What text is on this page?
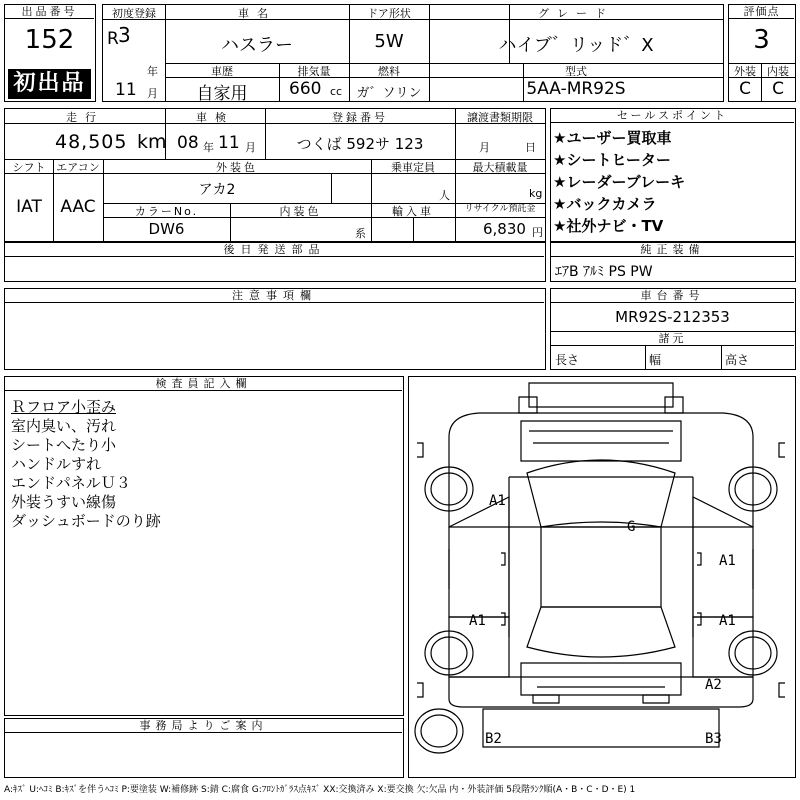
出品番号
152
初出品
初度登録
R 3
年
11 月
車名
ハスラー
ドア形状
5W
グレード
ハイブ゛リッド゛X
車歴
自家用
排気量
660 cc
燃料
ガ゛ソリン
型式
5AA-MR92S
評価点
3
外装	内装
C	C
走行
48,505 km
車検
08 年 11 月
登録番号
つくば 592サ 123
譲渡書類期限
月	日
シフト
IAT
エアコン
AAC
外装色
アカ2
乗車定員
人
最大積載量
kg
カラーNo.
DW6
内装色
系
輸入車	リサイクル預託金
6,830 円
セールスポイント
★ユーザー買取車
★シートヒーター
★レーダーブレーキ
★バックカメラ
★社外ナビ・TV
後日発送部品	純正装備
ｴｱB ｱﾙﾐ PS PW
注意事項欄	車台番号
MR92S-212353
諸元
長さ	幅	高さ
検査員記入欄
Ｒフロア小歪み
室内臭い、汚れ
シートへたり小
ハンドルすれ
エンドパネルＵ３
外装うすい線傷
ダッシュボードのり跡
事務局よりご案内
A1
G
A1
A1	A1
A2
B2	B3
A:ｷｽﾞ U:ﾍｺﾐ B:ｷｽﾞを伴うﾍｺﾐ P:要塗装 W:補修跡 S:錆 C:腐食 G:ﾌﾛﾝﾄｶﾞﾗｽ点ｷｽﾞ XX:交換済み X:要交換 欠:欠品 内・外装評価 5段階ﾗﾝｸ順(A・B・C・D・E) 1
